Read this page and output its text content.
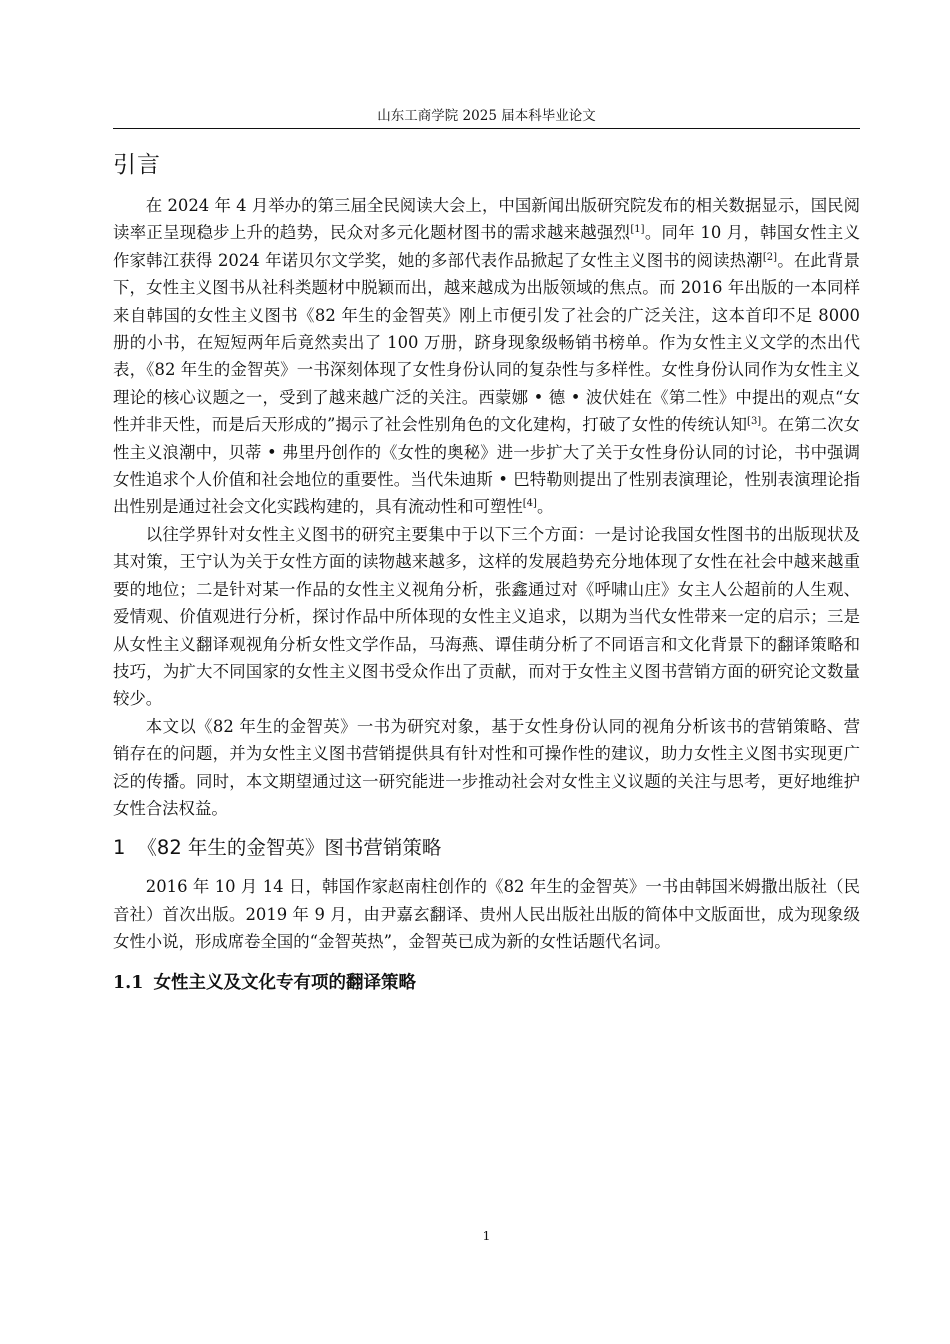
山东工商学院 2025 届本科毕业论文
引言

在 2024 年 4 月举办的第三届全民阅读大会上，中国新闻出版研究院发布的相关数据显示，国民阅读率正呈现稳步上升的趋势，民众对多元化题材图书的需求越来越强烈[1]。同年 10 月，韩国女性主义作家韩江获得 2024 年诺贝尔文学奖，她的多部代表作品掀起了女性主义图书的阅读热潮[2]。在此背景下，女性主义图书从社科类题材中脱颖而出，越来越成为出版领域的焦点。而 2016 年出版的一本同样来自韩国的女性主义图书《82 年生的金智英》刚上市便引发了社会的广泛关注，这本首印不足 8000 册的小书，在短短两年后竟然卖出了 100 万册，跻身现象级畅销书榜单。作为女性主义文学的杰出代表，《82 年生的金智英》一书深刻体现了女性身份认同的复杂性与多样性。女性身份认同作为女性主义理论的核心议题之一，受到了越来越广泛的关注。西蒙娜 • 德 • 波伏娃在《第二性》中提出的观点“女性并非天性，而是后天形成的”揭示了社会性别角色的文化建构，打破了女性的传统认知[3]。在第二次女性主义浪潮中，贝蒂 • 弗里丹创作的《女性的奥秘》进一步扩大了关于女性身份认同的讨论，书中强调女性追求个人价值和社会地位的重要性。当代朱迪斯 • 巴特勒则提出了性别表演理论，性别表演理论指出性别是通过社会文化实践构建的，具有流动性和可塑性[4]。

以往学界针对女性主义图书的研究主要集中于以下三个方面：一是讨论我国女性图书的出版现状及其对策，王宁认为关于女性方面的读物越来越多，这样的发展趋势充分地体现了女性在社会中越来越重要的地位；二是针对某一作品的女性主义视角分析，张鑫通过对《呼啸山庄》女主人公超前的人生观、爱情观、价值观进行分析，探讨作品中所体现的女性主义追求，以期为当代女性带来一定的启示；三是从女性主义翻译观视角分析女性文学作品，马海燕、谭佳萌分析了不同语言和文化背景下的翻译策略和技巧，为扩大不同国家的女性主义图书受众作出了贡献，而对于女性主义图书营销方面的研究论文数量较少。

本文以《82 年生的金智英》一书为研究对象，基于女性身份认同的视角分析该书的营销策略、营销存在的问题，并为女性主义图书营销提供具有针对性和可操作性的建议，助力女性主义图书实现更广泛的传播。同时，本文期望通过这一研究能进一步推动社会对女性主义议题的关注与思考，更好地维护女性合法权益。

1 《82 年生的金智英》图书营销策略

2016 年 10 月 14 日，韩国作家赵南柱创作的《82 年生的金智英》一书由韩国米姆撒出版社（民音社）首次出版。2019 年 9 月，由尹嘉玄翻译、贵州人民出版社出版的简体中文版面世，成为现象级女性小说，形成席卷全国的“金智英热”，金智英已成为新的女性话题代名词。

1.1 女性主义及文化专有项的翻译策略
1
